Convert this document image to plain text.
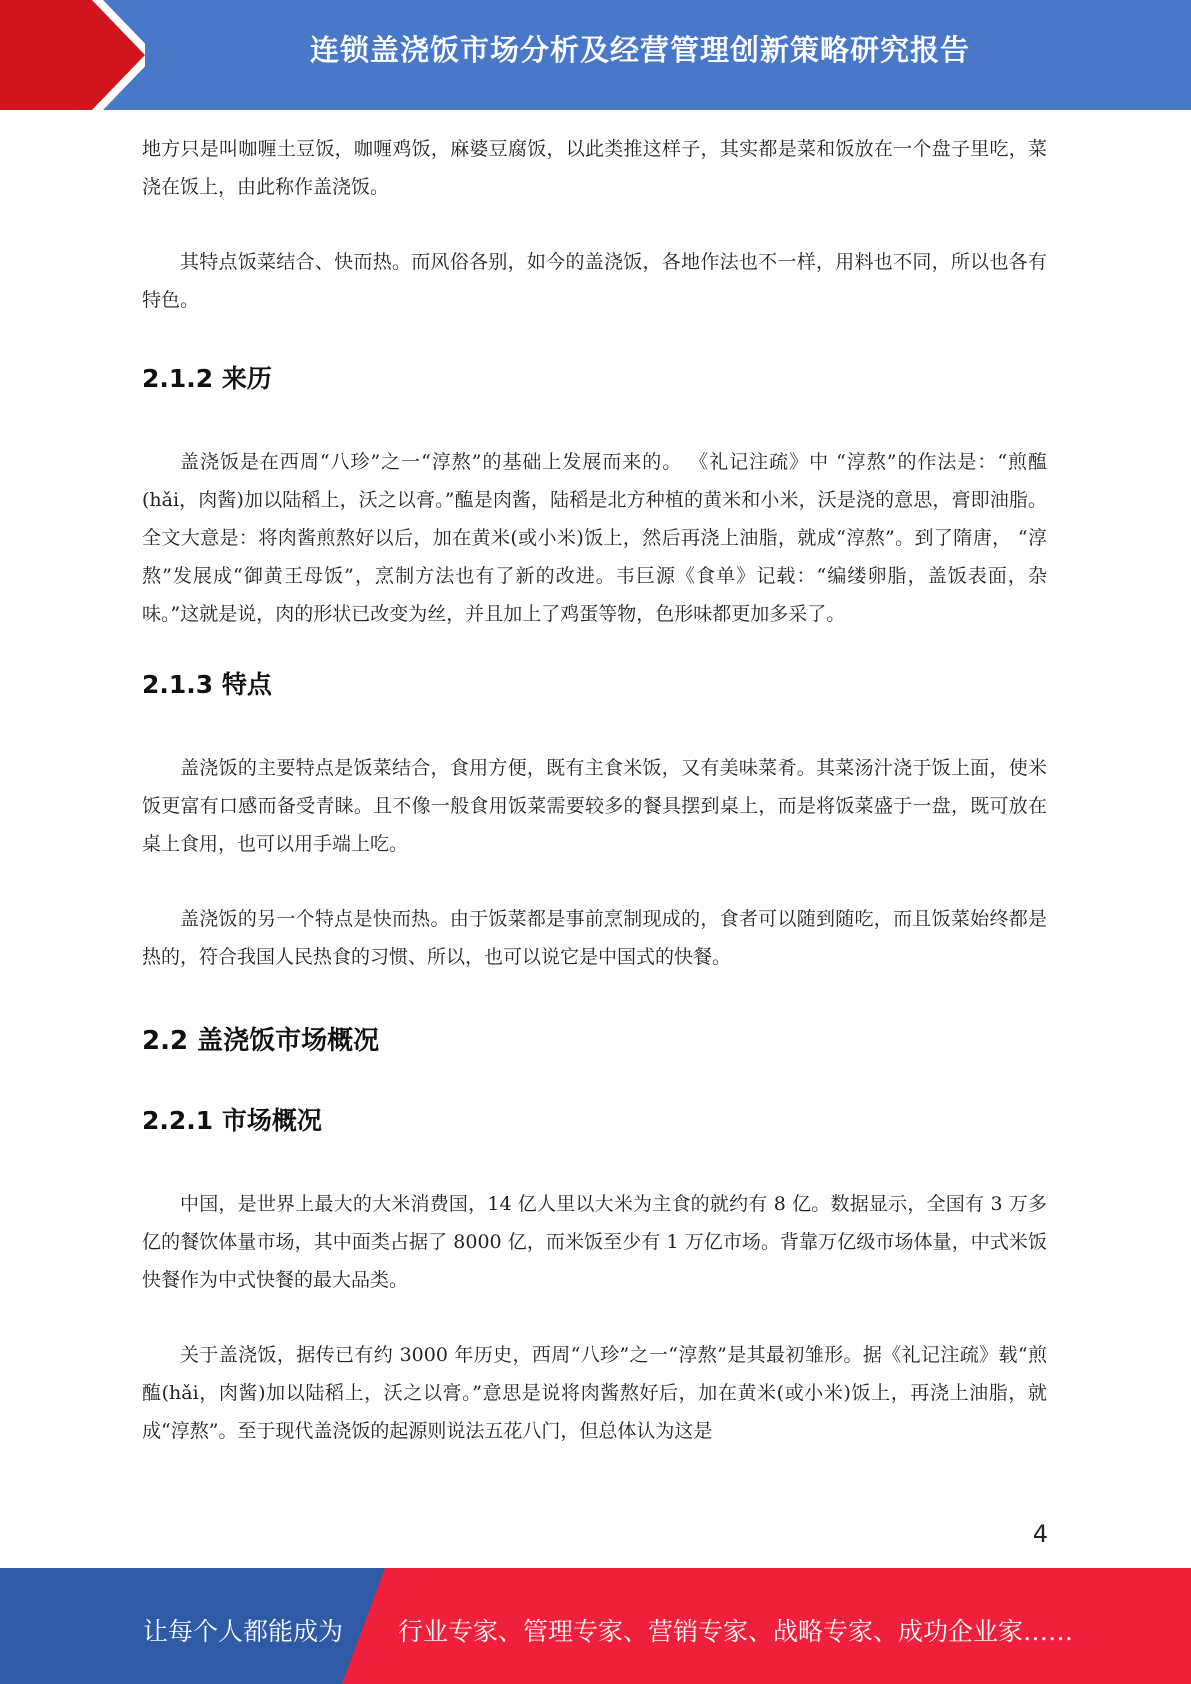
连锁盖浇饭市场分析及经营管理创新策略研究报告

地方只是叫咖喱土豆饭，咖喱鸡饭，麻婆豆腐饭，以此类推这样子，其实都是菜和饭放在一个盘子里吃，菜浇在饭上，由此称作盖浇饭。

其特点饭菜结合、快而热。而风俗各别，如今的盖浇饭，各地作法也不一样，用料也不同，所以也各有特色。

2.1.2 来历

盖浇饭是在西周“八珍”之一“淳熬”的基础上发展而来的。 《礼记注疏》中 “淳熬”的作法是：“煎醢(hǎi，肉酱)加以陆稻上，沃之以膏。”醢是肉酱，陆稻是北方种植的黄米和小米，沃是浇的意思，膏即油脂。全文大意是：将肉酱煎熬好以后，加在黄米(或小米)饭上，然后再浇上油脂，就成“淳熬”。到了隋唐， “淳熬”发展成“御黄王母饭”，烹制方法也有了新的改进。韦巨源《食单》记载：“编缕卵脂，盖饭表面，杂味。”这就是说，肉的形状已改变为丝，并且加上了鸡蛋等物，色形味都更加多采了。

2.1.3 特点

盖浇饭的主要特点是饭菜结合，食用方便，既有主食米饭，又有美味菜肴。其菜汤汁浇于饭上面，使米饭更富有口感而备受青睐。且不像一般食用饭菜需要较多的餐具摆到桌上，而是将饭菜盛于一盘，既可放在桌上食用，也可以用手端上吃。

盖浇饭的另一个特点是快而热。由于饭菜都是事前烹制现成的，食者可以随到随吃，而且饭菜始终都是热的，符合我国人民热食的习惯、所以，也可以说它是中国式的快餐。

2.2 盖浇饭市场概况

2.2.1 市场概况

中国，是世界上最大的大米消费国，14 亿人里以大米为主食的就约有 8 亿。数据显示，全国有 3 万多亿的餐饮体量市场，其中面类占据了 8000 亿，而米饭至少有 1 万亿市场。背靠万亿级市场体量，中式米饭快餐作为中式快餐的最大品类。

关于盖浇饭，据传已有约 3000 年历史，西周“八珍”之一“淳熬”是其最初雏形。据《礼记注疏》载“煎醢(hǎi，肉酱)加以陆稻上，沃之以膏。”意思是说将肉酱熬好后，加在黄米(或小米)饭上，再浇上油脂，就成“淳熬”。至于现代盖浇饭的起源则说法五花八门，但总体认为这是

4
让每个人都能成为 行业专家、管理专家、营销专家、战略专家、成功企业家……
